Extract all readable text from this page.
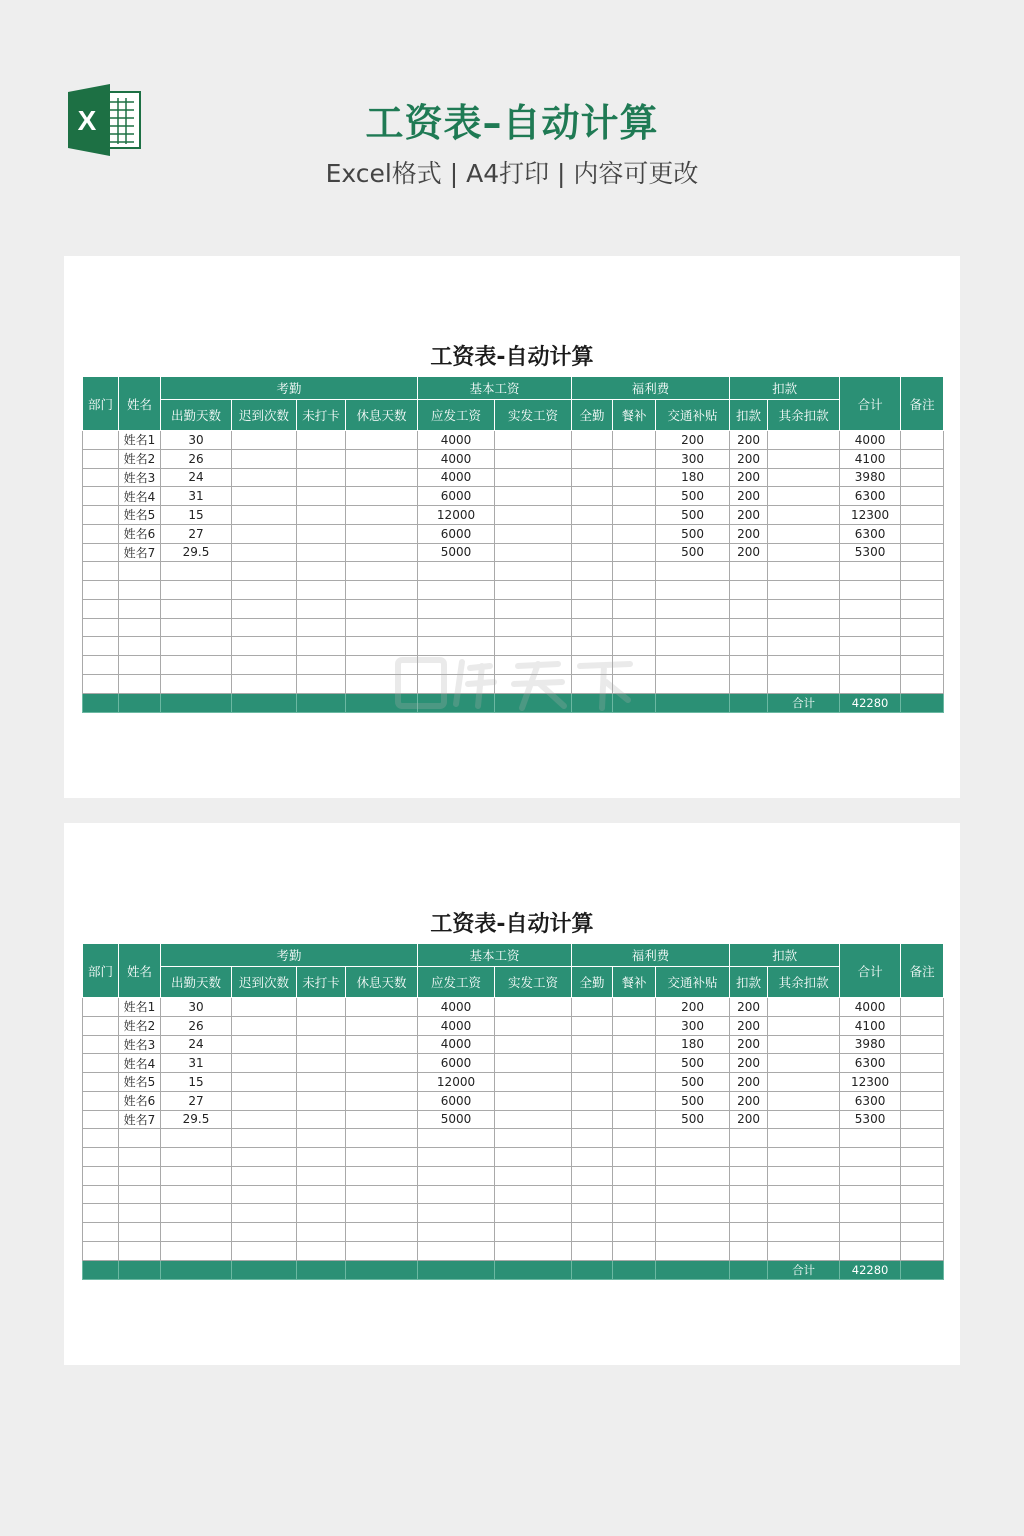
X	工资表–自动计算
Excel格式 | A4打印 | 内容可更改
工资表-自动计算
部门	姓名	考勤				基本工资		福利费			扣款		合计	备注
		出勤天数	迟到次数	未打卡	休息天数	应发工资	实发工资	全勤	餐补	交通补贴	扣款	其余扣款		
	姓名1	30				4000				200	200		4000	
	姓名2	26				4000				300	200		4100	
	姓名3	24				4000				180	200		3980	
	姓名4	31				6000				500	200		6300	
	姓名5	15				12000				500	200		12300	
	姓名6	27				6000				500	200		6300	
	姓名7	29.5				5000				500	200		5300	

												合计	42280	
工资表-自动计算
部门	姓名	考勤				基本工资		福利费			扣款		合计	备注
		出勤天数	迟到次数	未打卡	休息天数	应发工资	实发工资	全勤	餐补	交通补贴	扣款	其余扣款		
	姓名1	30				4000				200	200		4000	
	姓名2	26				4000				300	200		4100	
	姓名3	24				4000				180	200		3980	
	姓名4	31				6000				500	200		6300	
	姓名5	15				12000				500	200		12300	
	姓名6	27				6000				500	200		6300	
	姓名7	29.5				5000				500	200		5300	

												合计	42280	
